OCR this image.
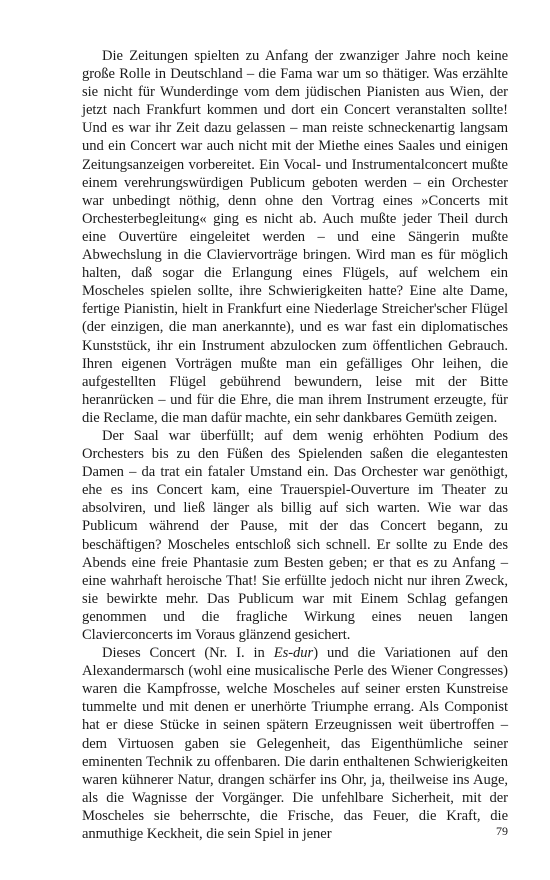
Die Zeitungen spielten zu Anfang der zwanziger Jahre noch keine große Rolle in Deutschland – die Fama war um so thätiger. Was erzählte sie nicht für Wunderdinge vom dem jüdischen Pianisten aus Wien, der jetzt nach Frankfurt kommen und dort ein Concert veranstalten sollte! Und es war ihr Zeit dazu gelassen – man reiste schneckenartig langsam und ein Concert war auch nicht mit der Miethe eines Saales und einigen Zeitungsanzeigen vorbereitet. Ein Vocal- und Instrumentalconcert mußte einem verehrungswürdigen Publicum geboten werden – ein Orchester war unbedingt nöthig, denn ohne den Vortrag eines »Concerts mit Orchesterbegleitung« ging es nicht ab. Auch mußte jeder Theil durch eine Ouvertüre eingeleitet werden – und eine Sängerin mußte Abwechslung in die Claviervorträge bringen. Wird man es für möglich halten, daß sogar die Erlangung eines Flügels, auf welchem ein Moscheles spielen sollte, ihre Schwierigkeiten hatte? Eine alte Dame, fertige Pianistin, hielt in Frankfurt eine Niederlage Streicher'scher Flügel (der einzigen, die man anerkannte), und es war fast ein diplomatisches Kunststück, ihr ein Instrument abzulocken zum öffentlichen Gebrauch. Ihren eigenen Vorträgen mußte man ein gefälliges Ohr leihen, die aufgestellten Flügel gebührend bewundern, leise mit der Bitte heranrücken – und für die Ehre, die man ihrem Instrument erzeugte, für die Reclame, die man dafür machte, ein sehr dankbares Gemüth zeigen.

Der Saal war überfüllt; auf dem wenig erhöhten Podium des Orchesters bis zu den Füßen des Spielenden saßen die elegantesten Damen – da trat ein fataler Umstand ein. Das Orchester war genöthigt, ehe es ins Concert kam, eine Trauerspiel-Ouverture im Theater zu absolviren, und ließ länger als billig auf sich warten. Wie war das Publicum während der Pause, mit der das Concert begann, zu beschäftigen? Moscheles entschloß sich schnell. Er sollte zu Ende des Abends eine freie Phantasie zum Besten geben; er that es zu Anfang – eine wahrhaft heroische That! Sie erfüllte jedoch nicht nur ihren Zweck, sie bewirkte mehr. Das Publicum war mit Einem Schlag gefangen genommen und die fragliche Wirkung eines neuen langen Clavierconcerts im Voraus glänzend gesichert.

Dieses Concert (Nr. I. in Es-dur) und die Variationen auf den Alexandermarsch (wohl eine musicalische Perle des Wiener Congresses) waren die Kampfrosse, welche Moscheles auf seiner ersten Kunstreise tummelte und mit denen er unerhörte Triumphe errang. Als Componist hat er diese Stücke in seinen spätern Erzeugnissen weit übertroffen – dem Virtuosen gaben sie Gelegenheit, das Eigenthümliche seiner eminenten Technik zu offenbaren. Die darin enthaltenen Schwierigkeiten waren kühnerer Natur, drangen schärfer ins Ohr, ja, theilweise ins Auge, als die Wagnisse der Vorgänger. Die unfehlbare Sicherheit, mit der Moscheles sie beherrschte, die Frische, das Feuer, die Kraft, die anmuthige Keckheit, die sein Spiel in jener	79
